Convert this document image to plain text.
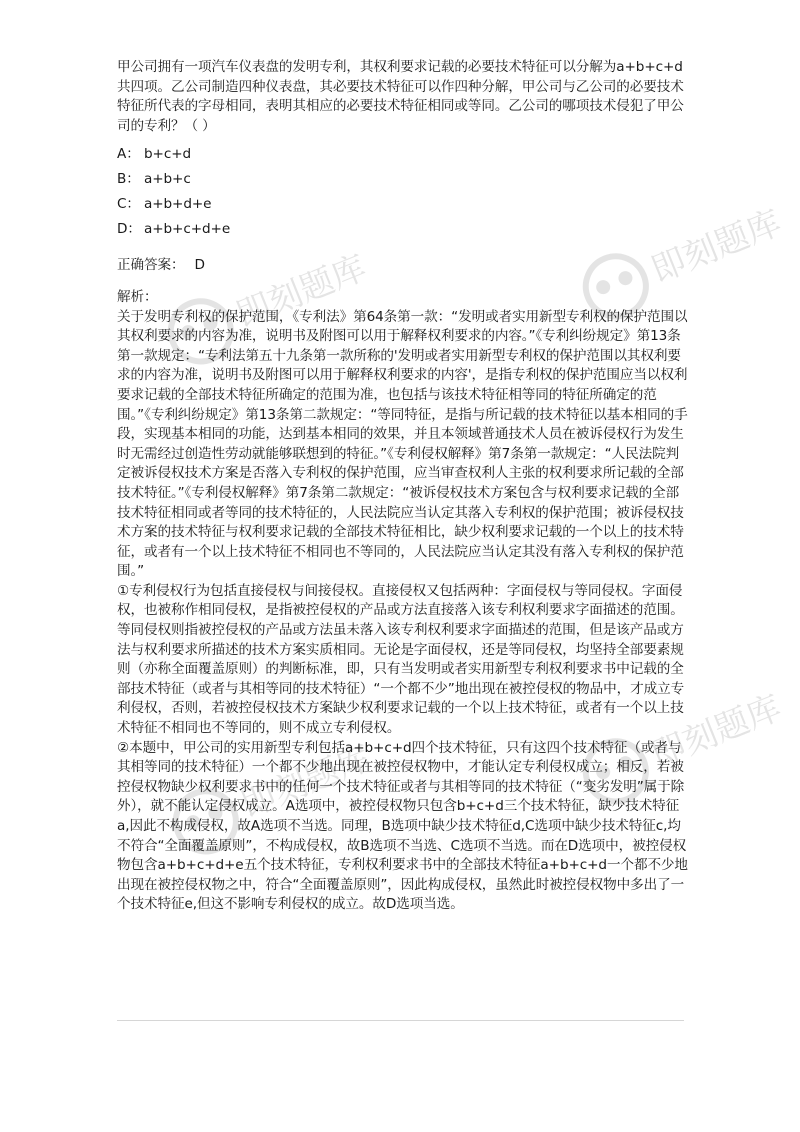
即刻题库
即刻题库
即刻题库
即刻题库

甲公司拥有一项汽车仪表盘的发明专利，其权利要求记载的必要技术特征可以分解为a+b+c+d共四项。乙公司制造四种仪表盘，其必要技术特征可以作四种分解，甲公司与乙公司的必要技术特征所代表的字母相同，表明其相应的必要技术特征相同或等同。乙公司的哪项技术侵犯了甲公司的专利？（ ）

A： b+c+d
B： a+b+c
C： a+b+d+e
D： a+b+c+d+e
正确答案： D
解析：

关于发明专利权的保护范围，《专利法》第64条第一款：“发明或者实用新型专利权的保护范围以其权利要求的内容为准，说明书及附图可以用于解释权利要求的内容。”《专利纠纷规定》第13条第一款规定：“专利法第五十九条第一款所称的'发明或者实用新型专利权的保护范围以其权利要求的内容为准，说明书及附图可以用于解释权利要求的内容'，是指专利权的保护范围应当以权利要求记载的全部技术特征所确定的范围为准，也包括与该技术特征相等同的特征所确定的范围。”《专利纠纷规定》第13条第二款规定：“等同特征，是指与所记载的技术特征以基本相同的手段，实现基本相同的功能，达到基本相同的效果，并且本领域普通技术人员在被诉侵权行为发生时无需经过创造性劳动就能够联想到的特征。”《专利侵权解释》第7条第一款规定：“人民法院判定被诉侵权技术方案是否落入专利权的保护范围，应当审查权利人主张的权利要求所记载的全部技术特征。”《专利侵权解释》第7条第二款规定：“被诉侵权技术方案包含与权利要求记载的全部技术特征相同或者等同的技术特征的，人民法院应当认定其落入专利权的保护范围；被诉侵权技术方案的技术特征与权利要求记载的全部技术特征相比，缺少权利要求记载的一个以上的技术特征，或者有一个以上技术特征不相同也不等同的，人民法院应当认定其没有落入专利权的保护范围。”

①专利侵权行为包括直接侵权与间接侵权。直接侵权又包括两种：字面侵权与等同侵权。字面侵权，也被称作相同侵权，是指被控侵权的产品或方法直接落入该专利权利要求字面描述的范围。等同侵权则指被控侵权的产品或方法虽未落入该专利权利要求字面描述的范围，但是该产品或方法与权利要求所描述的技术方案实质相同。无论是字面侵权，还是等同侵权，均坚持全部要素规则（亦称全面覆盖原则）的判断标准，即，只有当发明或者实用新型专利权利要求书中记载的全部技术特征（或者与其相等同的技术特征）“一个都不少”地出现在被控侵权的物品中，才成立专利侵权，否则，若被控侵权技术方案缺少权利要求记载的一个以上技术特征，或者有一个以上技术特征不相同也不等同的，则不成立专利侵权。

②本题中，甲公司的实用新型专利包括a+b+c+d四个技术特征，只有这四个技术特征（或者与其相等同的技术特征）一个都不少地出现在被控侵权物中，才能认定专利侵权成立；相反，若被控侵权物缺少权利要求书中的任何一个技术特征或者与其相等同的技术特征（“变劣发明”属于除外），就不能认定侵权成立。A选项中，被控侵权物只包含b+c+d三个技术特征，缺少技术特征a,因此不构成侵权，故A选项不当选。同理，B选项中缺少技术特征d,C选项中缺少技术特征c,均不符合“全面覆盖原则”，不构成侵权，故B选项不当选、C选项不当选。而在D选项中，被控侵权物包含a+b+c+d+e五个技术特征，专利权利要求书中的全部技术特征a+b+c+d一个都不少地出现在被控侵权物之中，符合“全面覆盖原则”，因此构成侵权，虽然此时被控侵权物中多出了一个技术特征e,但这不影响专利侵权的成立。故D选项当选。
